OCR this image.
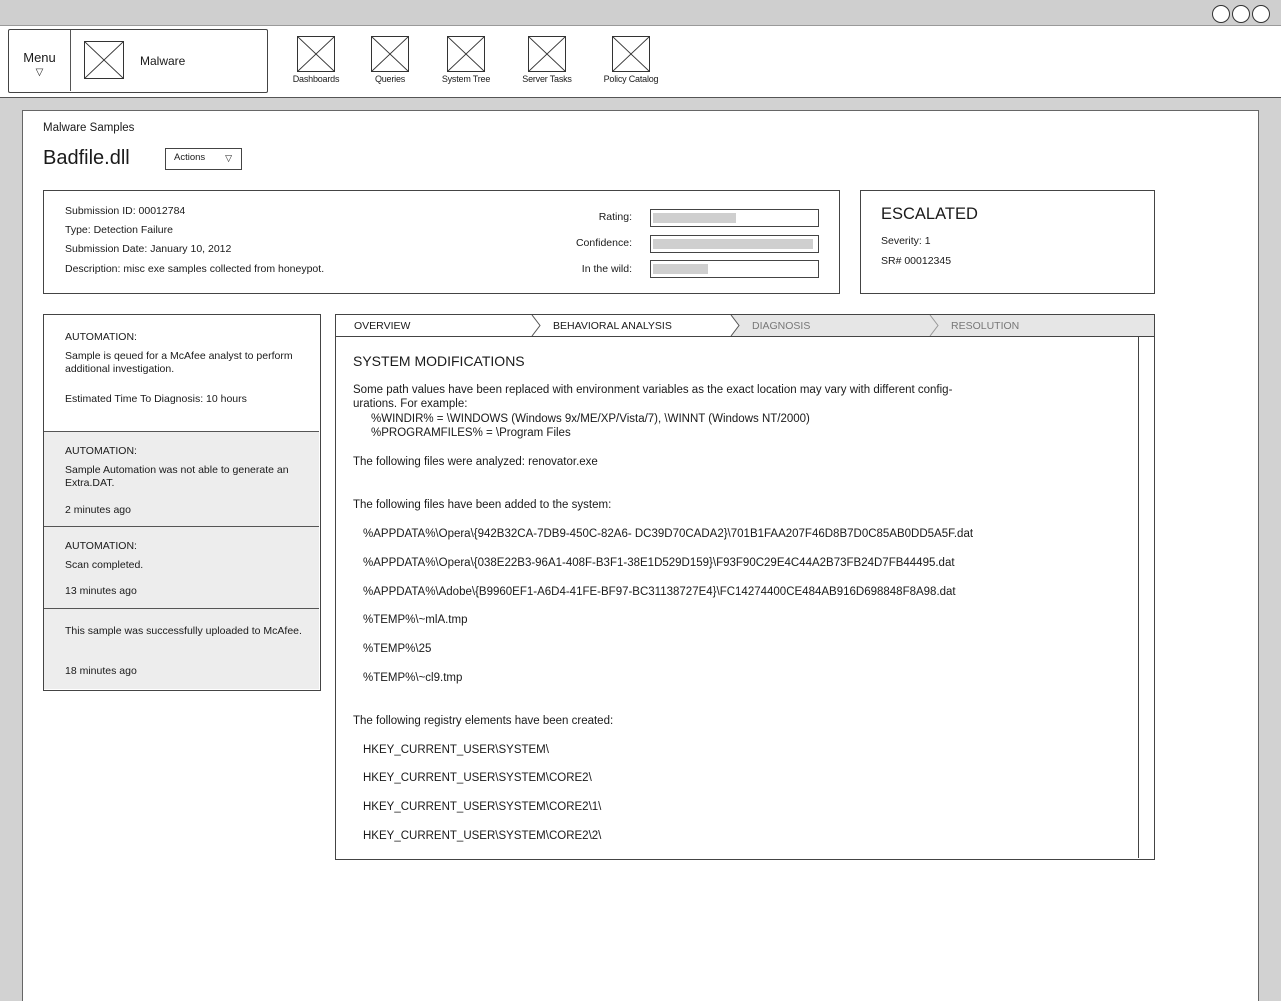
Menu
▽
Malware
Dashboards	Queries	System Tree	Server Tasks	Policy Catalog
Malware Samples
Badfile.dll	Actions ▽
Submission ID: 00012784
Type: Detection Failure
Submission Date: January 10, 2012
Description: misc exe samples collected from honeypot.
Rating:
Confidence:
In the wild:
ESCALATED
Severity: 1
SR# 00012345
AUTOMATION:
Sample is qeued for a McAfee analyst to perform additional investigation.
Estimated Time To Diagnosis: 10 hours
AUTOMATION:
Sample Automation was not able to generate an Extra.DAT.
2 minutes ago
AUTOMATION:
Scan completed.
13 minutes ago
This sample was successfully uploaded to McAfee.
18 minutes ago
OVERVIEW	BEHAVIORAL ANALYSIS	DIAGNOSIS	RESOLUTION
SYSTEM MODIFICATIONS
Some path values have been replaced with environment variables as the exact location may vary with different config-
urations. For example:
%WINDIR% = \WINDOWS (Windows 9x/ME/XP/Vista/7), \WINNT (Windows NT/2000)
%PROGRAMFILES% = \Program Files
The following files were analyzed: renovator.exe
The following files have been added to the system:
%APPDATA%\Opera\{942B32CA-7DB9-450C-82A6- DC39D70CADA2}\701B1FAA207F46D8B7D0C85AB0DD5A5F.dat
%APPDATA%\Opera\{038E22B3-96A1-408F-B3F1-38E1D529D159}\F93F90C29E4C44A2B73FB24D7FB44495.dat
%APPDATA%\Adobe\{B9960EF1-A6D4-41FE-BF97-BC31138727E4}\FC14274400CE484AB916D698848F8A98.dat
%TEMP%\~mlA.tmp
%TEMP%\25
%TEMP%\~cl9.tmp
The following registry elements have been created:
HKEY_CURRENT_USER\SYSTEM\
HKEY_CURRENT_USER\SYSTEM\CORE2\
HKEY_CURRENT_USER\SYSTEM\CORE2\1\
HKEY_CURRENT_USER\SYSTEM\CORE2\2\
